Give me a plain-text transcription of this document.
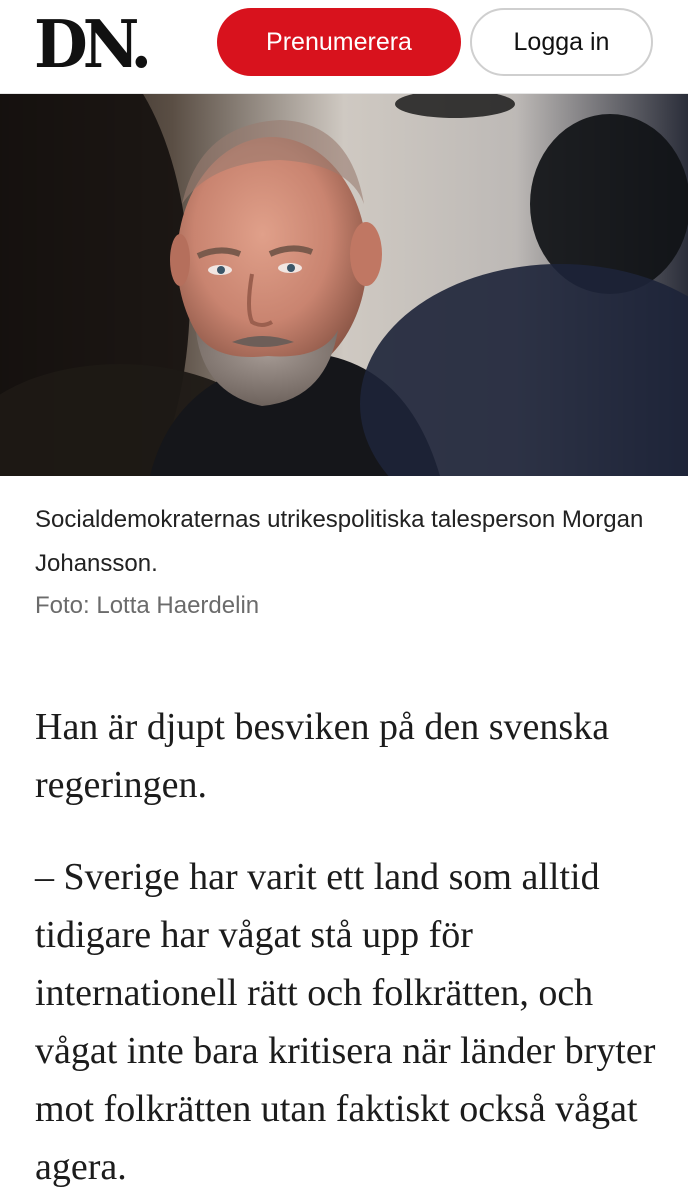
DN.	Prenumerera	Logga in
Socialdemokraternas utrikespolitiska talesperson Morgan Johansson.
Foto: Lotta Haerdelin

Han är djupt besviken på den svenska regeringen.

– Sverige har varit ett land som alltid tidigare har vågat stå upp för internationell rätt och folkrätten, och vågat inte bara kritisera när länder bryter mot folkrätten utan faktiskt också vågat agera.
